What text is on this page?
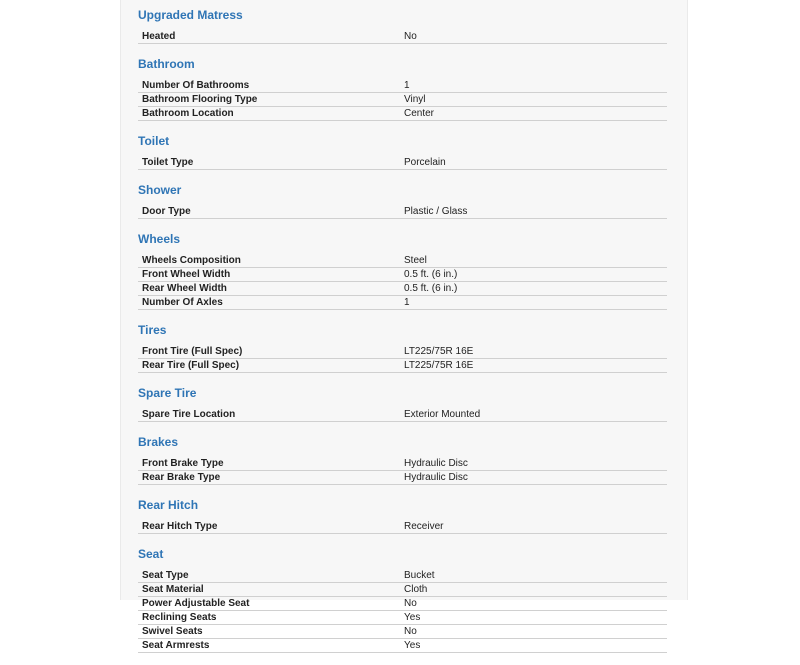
Upgraded Matress
Heated	No
Bathroom
Number Of Bathrooms	1
Bathroom Flooring Type	Vinyl
Bathroom Location	Center
Toilet
Toilet Type	Porcelain
Shower
Door Type	Plastic / Glass
Wheels
Wheels Composition	Steel
Front Wheel Width	0.5 ft. (6 in.)
Rear Wheel Width	0.5 ft. (6 in.)
Number Of Axles	1
Tires
Front Tire (Full Spec)	LT225/75R 16E
Rear Tire (Full Spec)	LT225/75R 16E
Spare Tire
Spare Tire Location	Exterior Mounted
Brakes
Front Brake Type	Hydraulic Disc
Rear Brake Type	Hydraulic Disc
Rear Hitch
Rear Hitch Type	Receiver
Seat
Seat Type	Bucket
Seat Material	Cloth
Power Adjustable Seat	No
Reclining Seats	Yes
Swivel Seats	No
Seat Armrests	Yes
